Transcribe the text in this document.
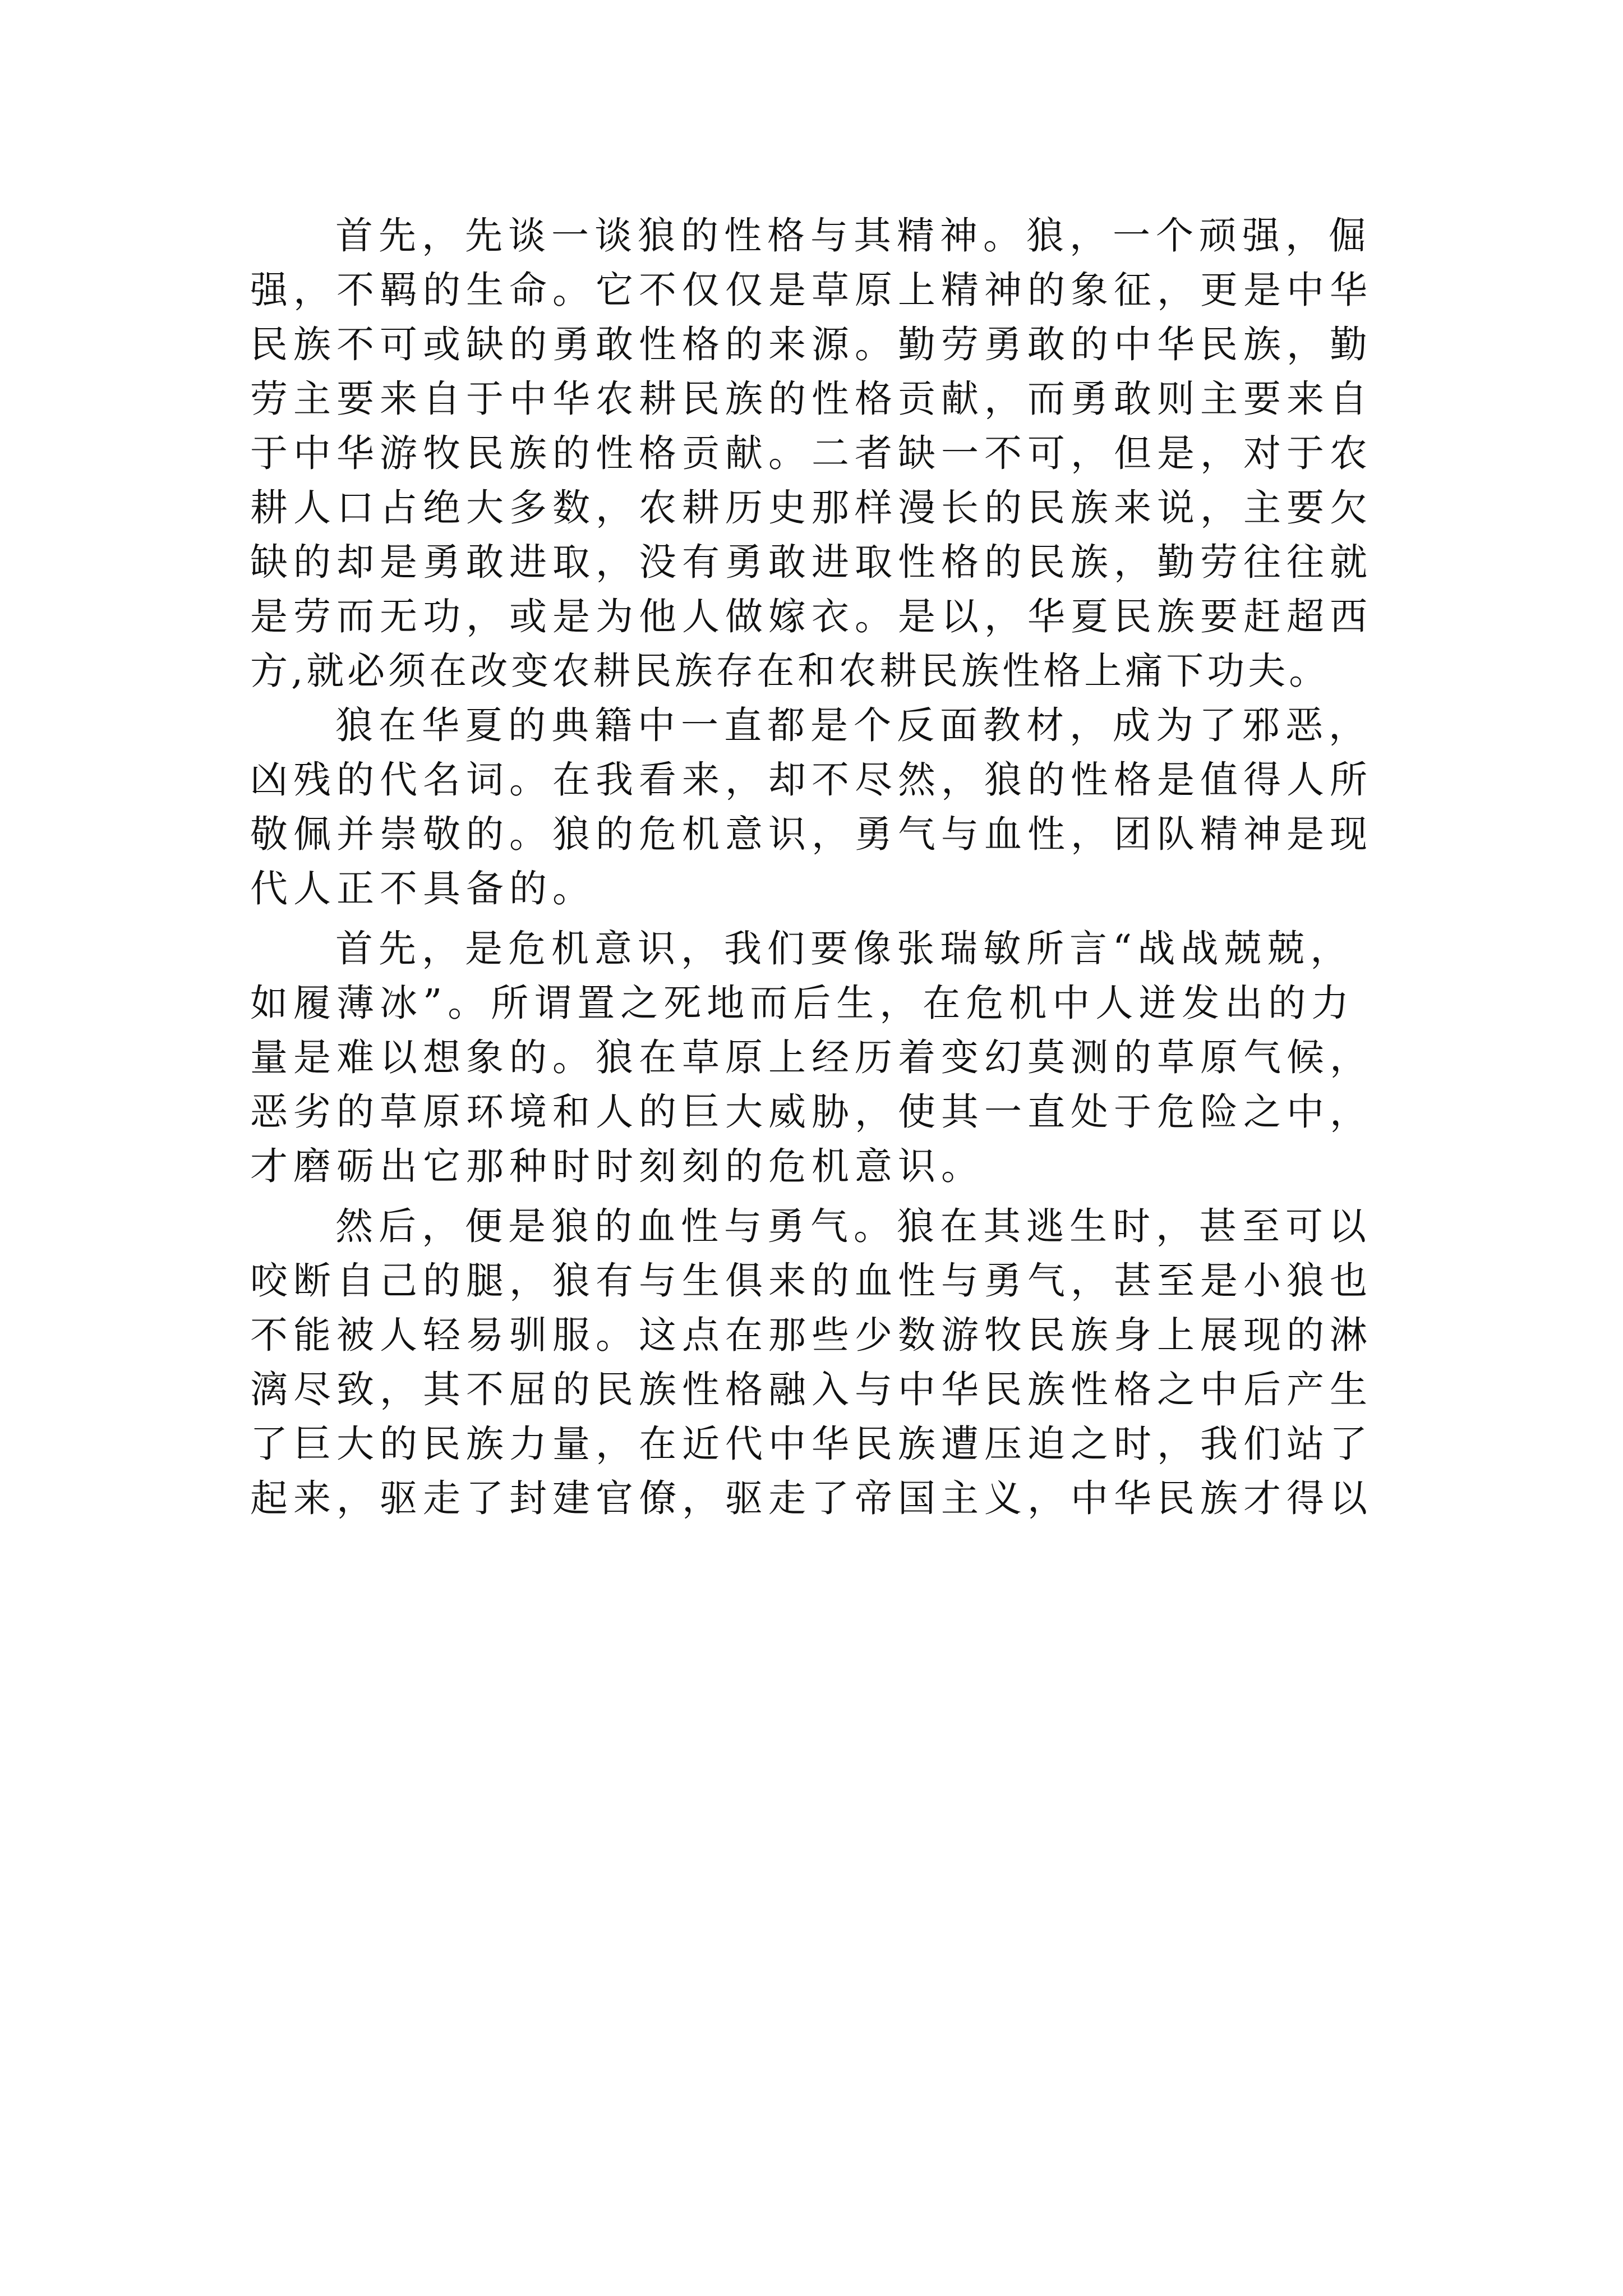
首先，先谈一谈狼的性格与其精神。狼，一个顽强，倔
强，不羁的生命。它不仅仅是草原上精神的象征，更是中华
民族不可或缺的勇敢性格的来源。勤劳勇敢的中华民族，勤
劳主要来自于中华农耕民族的性格贡献，而勇敢则主要来自
于中华游牧民族的性格贡献。二者缺一不可，但是，对于农
耕人口占绝大多数，农耕历史那样漫长的民族来说，主要欠
缺的却是勇敢进取，没有勇敢进取性格的民族，勤劳往往就
是劳而无功，或是为他人做嫁衣。是以，华夏民族要赶超西
方,就必须在改变农耕民族存在和农耕民族性格上痛下功夫。
狼在华夏的典籍中一直都是个反面教材，成为了邪恶，
凶残的代名词。在我看来，却不尽然，狼的性格是值得人所
敬佩并崇敬的。狼的危机意识，勇气与血性，团队精神是现
代人正不具备的。
首先，是危机意识，我们要像张瑞敏所言“战战兢兢，
如履薄冰”。所谓置之死地而后生，在危机中人迸发出的力
量是难以想象的。狼在草原上经历着变幻莫测的草原气候，
恶劣的草原环境和人的巨大威胁，使其一直处于危险之中，
才磨砺出它那种时时刻刻的危机意识。
然后，便是狼的血性与勇气。狼在其逃生时，甚至可以
咬断自己的腿，狼有与生俱来的血性与勇气，甚至是小狼也
不能被人轻易驯服。这点在那些少数游牧民族身上展现的淋
漓尽致，其不屈的民族性格融入与中华民族性格之中后产生
了巨大的民族力量，在近代中华民族遭压迫之时，我们站了
起来，驱走了封建官僚，驱走了帝国主义，中华民族才得以
